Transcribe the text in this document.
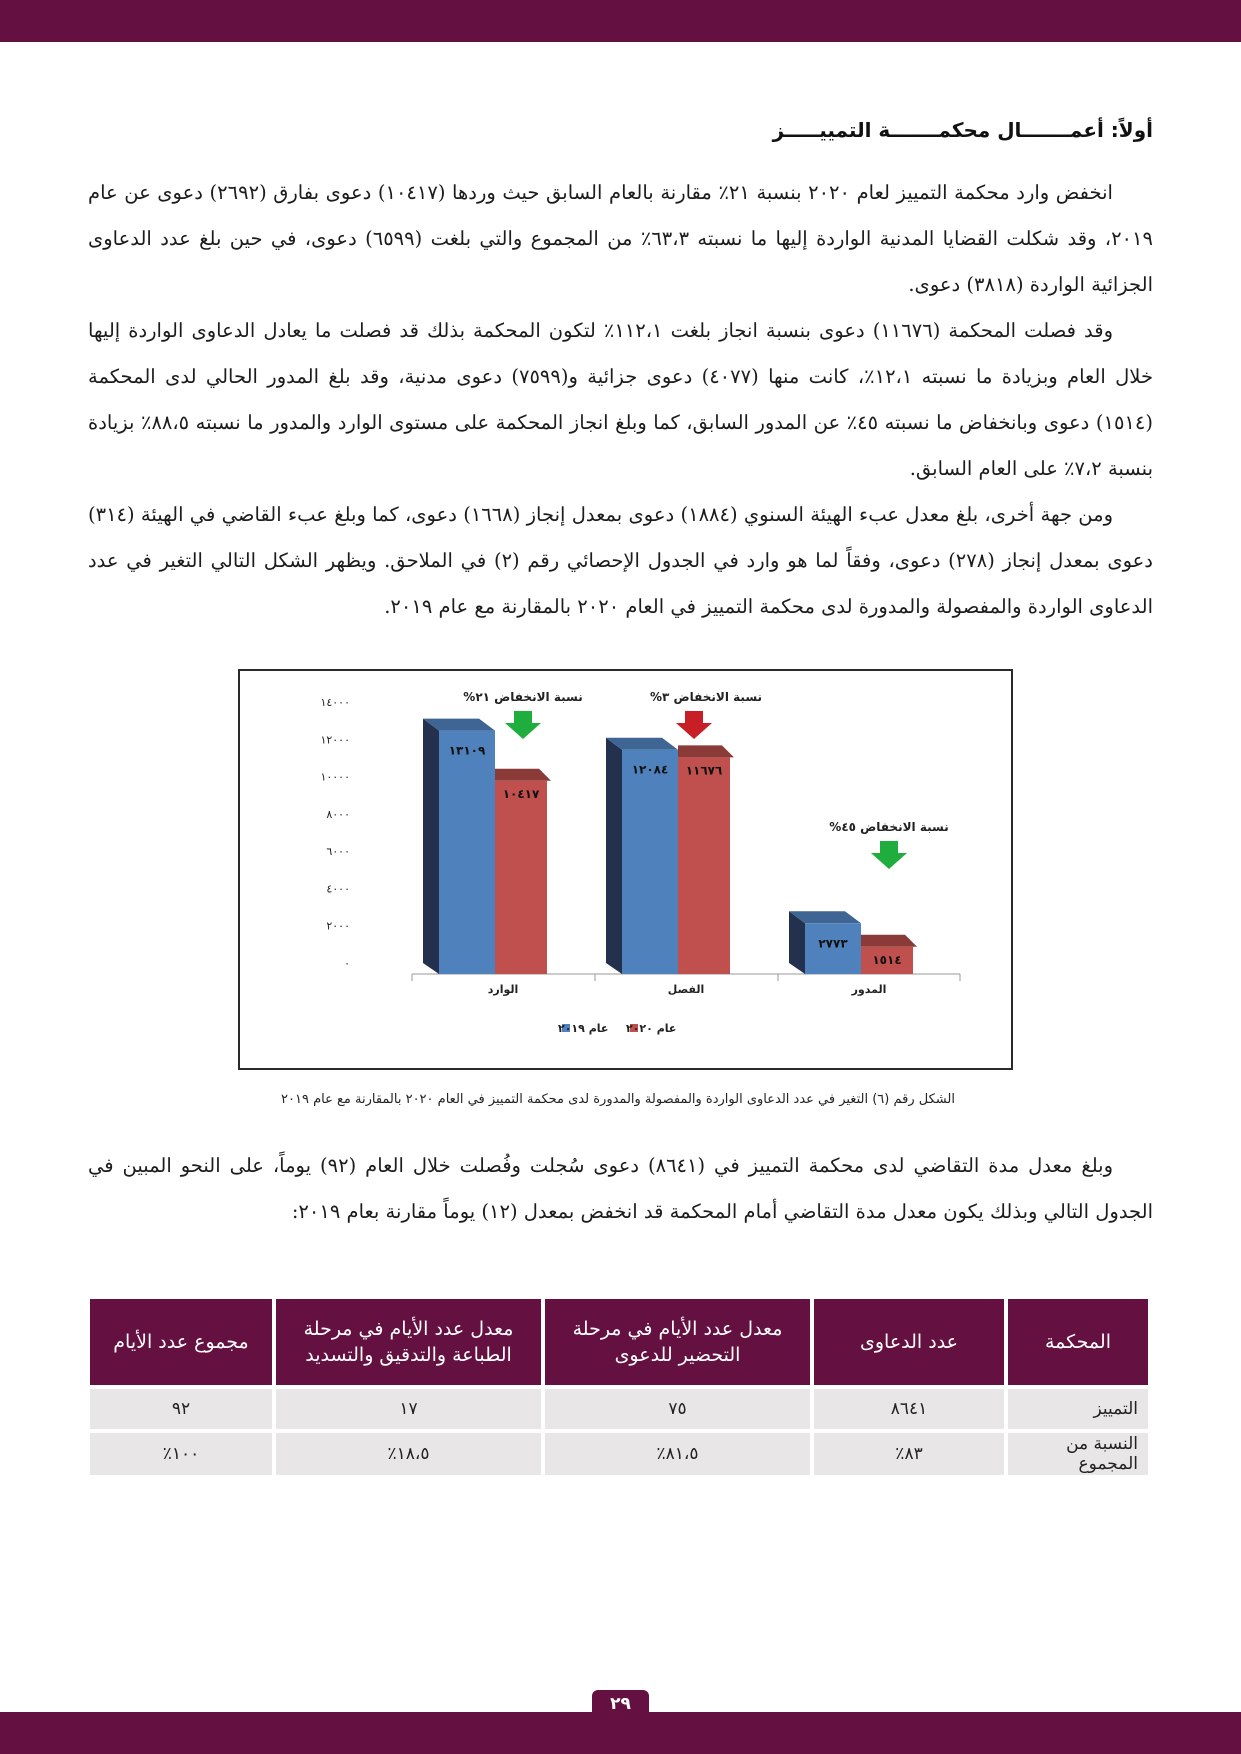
أولاً: أعمـــــــال محكمـــــــة التمييـــــز

انخفض وارد محكمة التمييز لعام ٢٠٢٠ بنسبة ٢١٪ مقارنة بالعام السابق حيث وردها (١٠٤١٧) دعوى بفارق (٢٦٩٢) دعوى عن عام ٢٠١٩، وقد شكلت القضايا المدنية الواردة إليها ما نسبته ٦٣،٣٪ من المجموع والتي بلغت (٦٥٩٩) دعوى، في حين بلغ عدد الدعاوى الجزائية الواردة (٣٨١٨) دعوى.

وقد فصلت المحكمة (١١٦٧٦) دعوى بنسبة انجاز بلغت ١١٢،١٪ لتكون المحكمة بذلك قد فصلت ما يعادل الدعاوى الواردة إليها خلال العام وبزيادة ما نسبته ١٢،١٪، كانت منها (٤٠٧٧) دعوى جزائية و(٧٥٩٩) دعوى مدنية، وقد بلغ المدور الحالي لدى المحكمة (١٥١٤) دعوى وبانخفاض ما نسبته ٤٥٪ عن المدور السابق، كما وبلغ انجاز المحكمة على مستوى الوارد والمدور ما نسبته ٨٨،٥٪ بزيادة بنسبة ٧،٢٪ على العام السابق.

ومن جهة أخرى، بلغ معدل عبء الهيئة السنوي (١٨٨٤) دعوى بمعدل إنجاز (١٦٦٨) دعوى، كما وبلغ عبء القاضي في الهيئة (٣١٤) دعوى بمعدل إنجاز (٢٧٨) دعوى، وفقاً لما هو وارد في الجدول الإحصائي رقم (٢) في الملاحق. ويظهر الشكل التالي التغير في عدد الدعاوى الواردة والمفصولة والمدورة لدى محكمة التمييز في العام ٢٠٢٠ بالمقارنة مع عام ٢٠١٩.

٠
٢٠٠٠
٤٠٠٠
٦٠٠٠
٨٠٠٠
١٠٠٠٠
١٢٠٠٠
١٤٠٠٠
١٣١٠٩
١٠٤١٧
نسبة الانخفاض ٢١%
١٢٠٨٤ ١١٦٧٦
نسبة الانخفاض ٣%
٢٧٧٣
١٥١٤
نسبة الانخفاض ٤٥%
الوارد	الفصل	المدور
عام ٢٠٢٠
عام ٢٠١٩
الشكل رقم (٦) التغير في عدد الدعاوى الواردة والمفصولة والمدورة لدى محكمة التمييز في العام ٢٠٢٠ بالمقارنة مع عام ٢٠١٩

وبلغ معدل مدة التقاضي لدى محكمة التمييز في (٨٦٤١) دعوى سُجلت وفُصلت خلال العام (٩٢) يوماً، على النحو المبين في الجدول التالي وبذلك يكون معدل مدة التقاضي أمام المحكمة قد انخفض بمعدل (١٢) يوماً مقارنة بعام ٢٠١٩:

المحكمة	عدد الدعاوى	معدل عدد الأيام في مرحلة التحضير للدعوى	معدل عدد الأيام في مرحلة الطباعة والتدقيق والتسديد	مجموع عدد الأيام
التمييز	٨٦٤١	٧٥	١٧	٩٢
النسبة من المجموع	٨٣٪	٨١،٥٪	١٨،٥٪	١٠٠٪
٢٩
